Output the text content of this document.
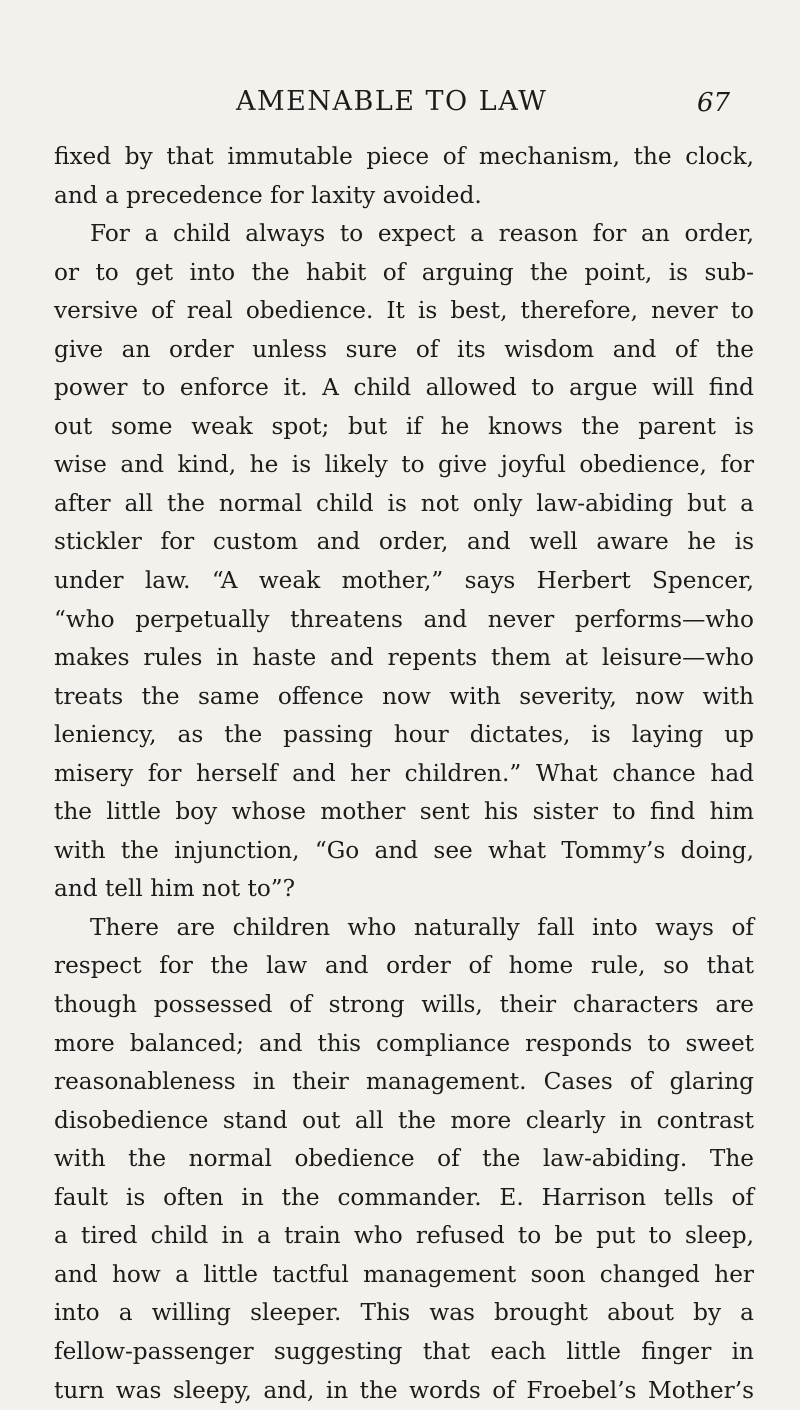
AMENABLE TO LAW	67
fixed by that immutable piece of mechanism, the clock,
and a precedence for laxity avoided.
For a child always to expect a reason for an order,
or to get into the habit of arguing the point, is sub-
versive of real obedience. It is best, therefore, never to
give an order unless sure of its wisdom and of the
power to enforce it. A child allowed to argue will find
out some weak spot; but if he knows the parent is
wise and kind, he is likely to give joyful obedience, for
after all the normal child is not only law-abiding but a
stickler for custom and order, and well aware he is
under law. “A weak mother,” says Herbert Spencer,
“who perpetually threatens and never performs—who
makes rules in haste and repents them at leisure—who
treats the same offence now with severity, now with
leniency, as the passing hour dictates, is laying up
misery for herself and her children.” What chance had
the little boy whose mother sent his sister to find him
with the injunction, “Go and see what Tommy’s doing,
and tell him not to”?
There are children who naturally fall into ways of
respect for the law and order of home rule, so that
though possessed of strong wills, their characters are
more balanced; and this compliance responds to sweet
reasonableness in their management. Cases of glaring
disobedience stand out all the more clearly in contrast
with the normal obedience of the law-abiding. The
fault is often in the commander. E. Harrison tells of
a tired child in a train who refused to be put to sleep,
and how a little tactful management soon changed her
into a willing sleeper. This was brought about by a
fellow-passenger suggesting that each little finger in
turn was sleepy, and, in the words of Froebel’s Mother’s
